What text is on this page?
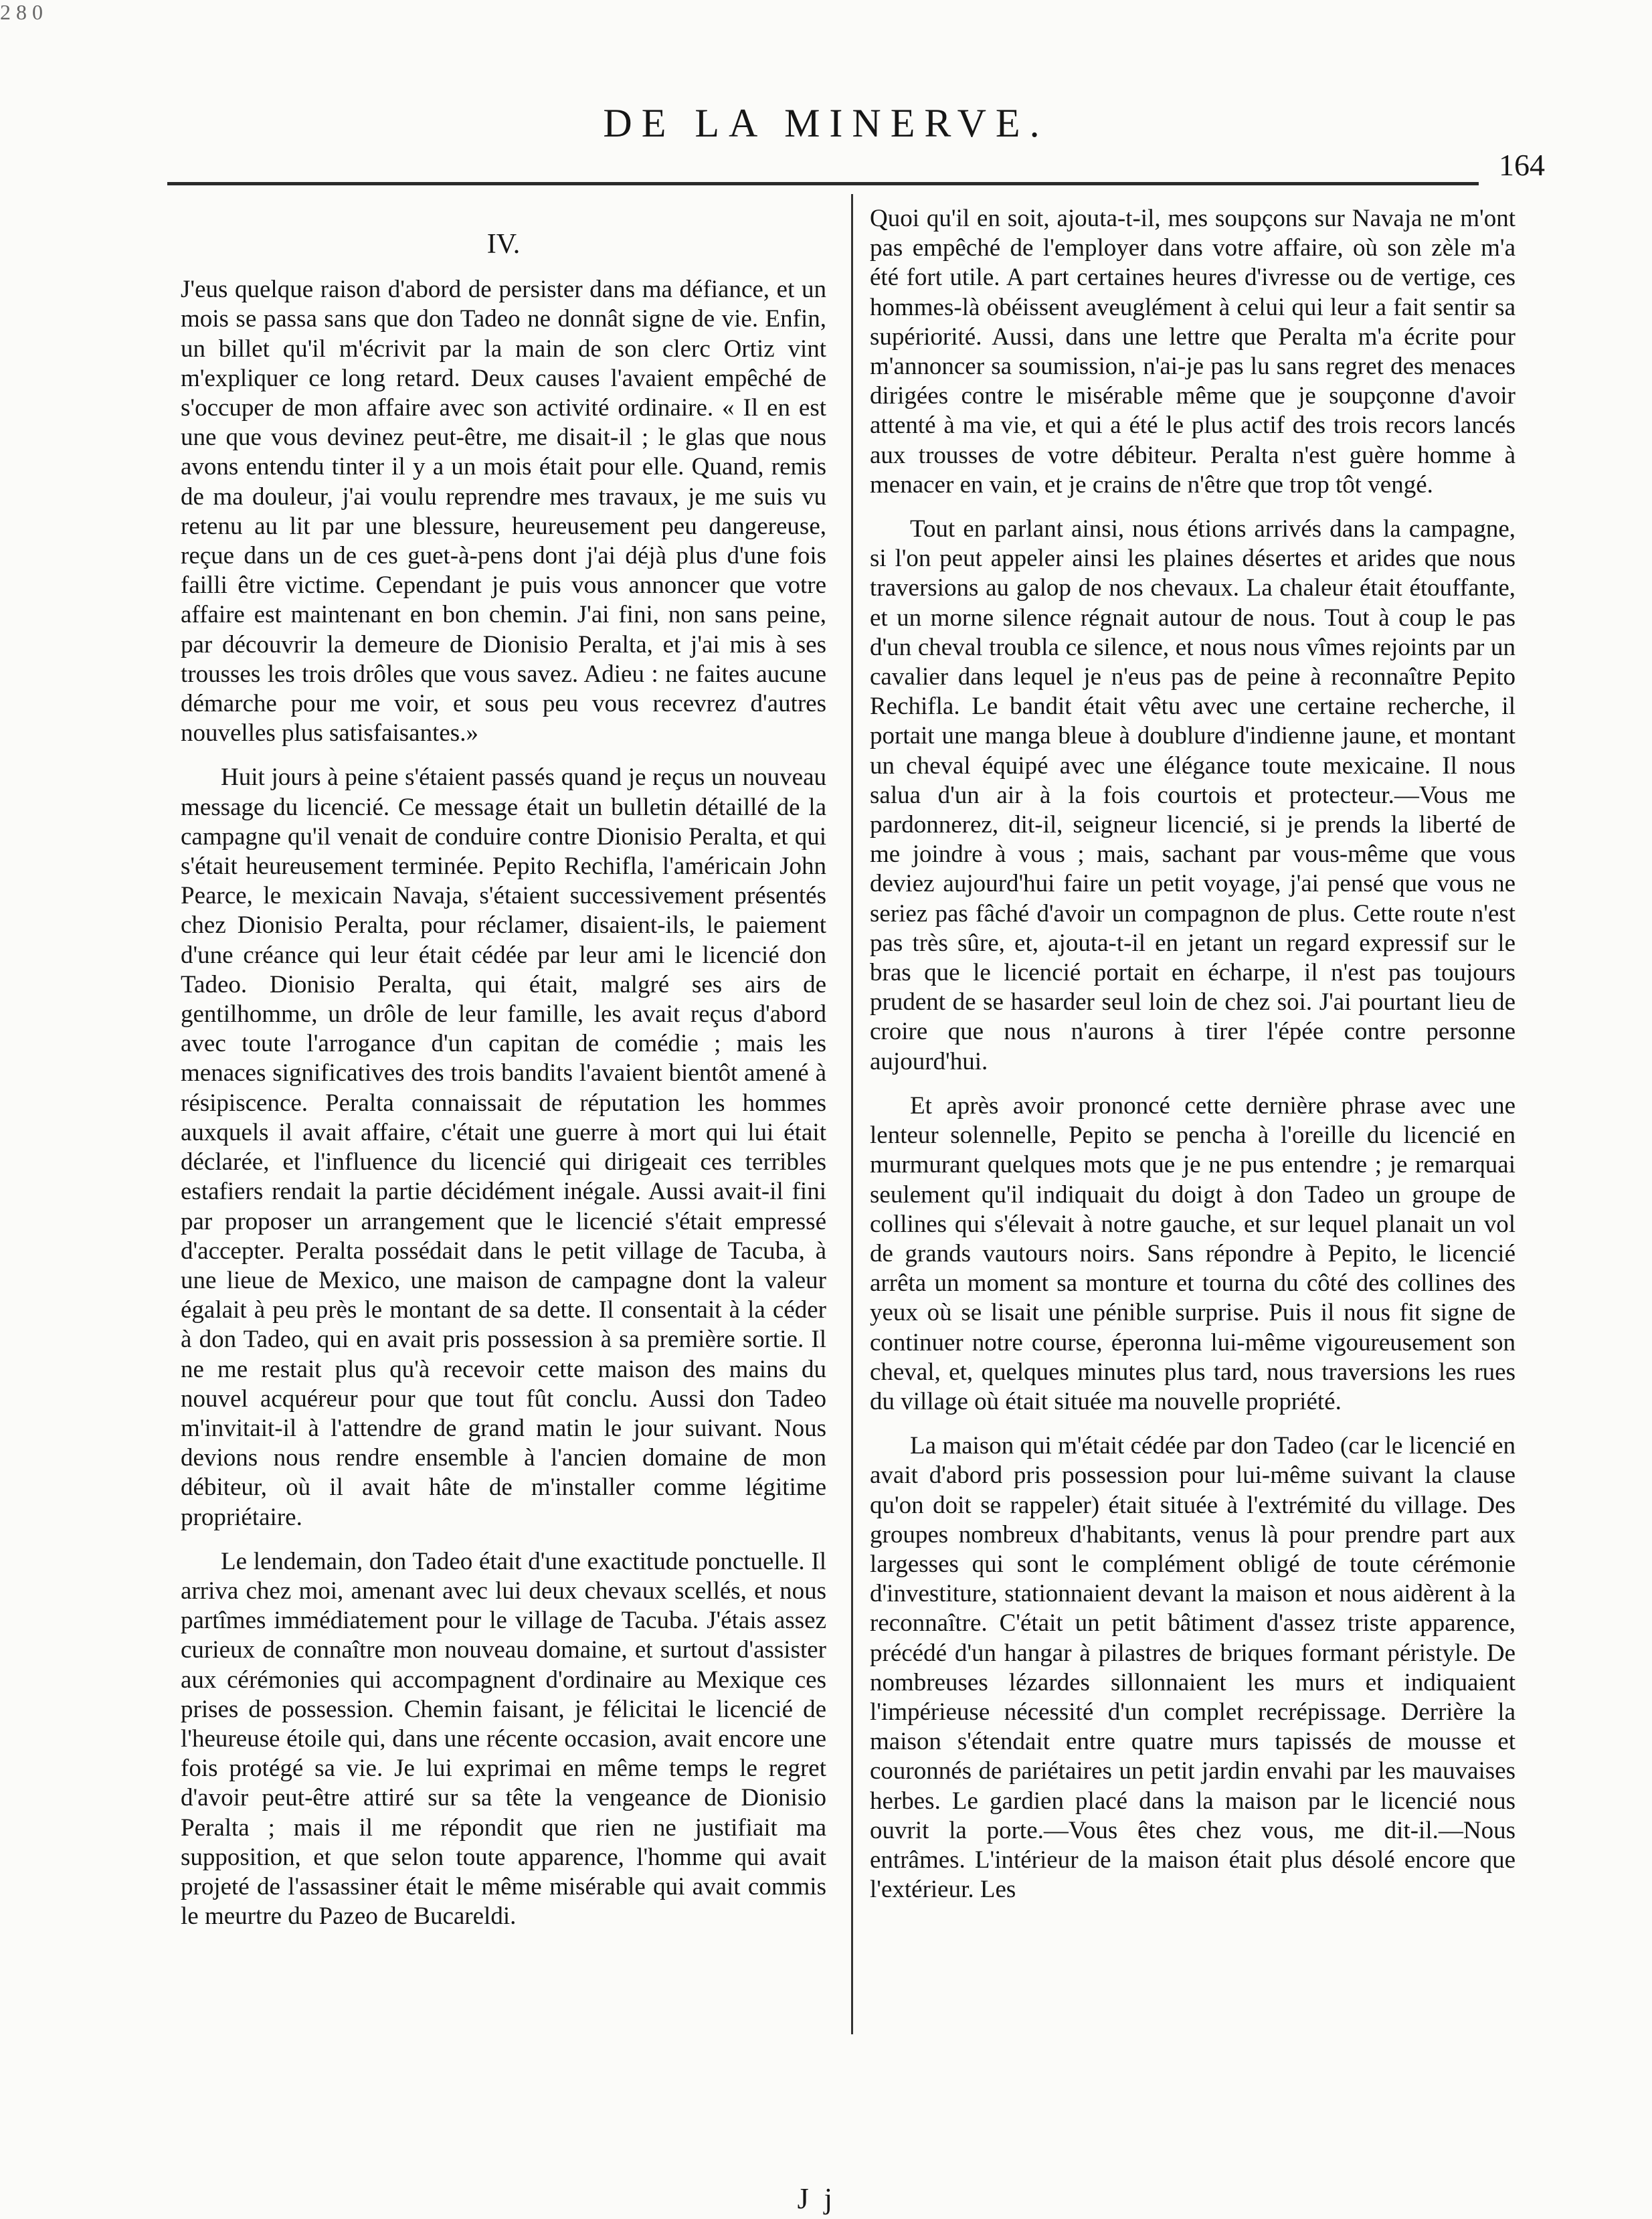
2 8 0
DE LA MINERVE.
164
IV.

J'eus quelque raison d'abord de persister dans ma défiance, et un mois se passa sans que don Tadeo ne donnât signe de vie. Enfin, un billet qu'il m'écrivit par la main de son clerc Ortiz vint m'expliquer ce long retard. Deux causes l'avaient empêché de s'occuper de mon affaire avec son activité ordinaire. « Il en est une que vous devinez peut-être, me disait-il ; le glas que nous avons entendu tinter il y a un mois était pour elle. Quand, remis de ma douleur, j'ai voulu reprendre mes travaux, je me suis vu retenu au lit par une blessure, heureusement peu dangereuse, reçue dans un de ces guet-à-pens dont j'ai déjà plus d'une fois failli être victime. Cependant je puis vous annoncer que votre affaire est maintenant en bon chemin. J'ai fini, non sans peine, par découvrir la demeure de Dionisio Peralta, et j'ai mis à ses trousses les trois drôles que vous savez. Adieu : ne faites aucune démarche pour me voir, et sous peu vous recevrez d'autres nouvelles plus satisfaisantes.»

Huit jours à peine s'étaient passés quand je reçus un nouveau message du licencié. Ce message était un bulletin détaillé de la campagne qu'il venait de conduire contre Dionisio Peralta, et qui s'était heureusement terminée. Pepito Rechifla, l'américain John Pearce, le mexicain Navaja, s'étaient successivement présentés chez Dionisio Peralta, pour réclamer, disaient-ils, le paiement d'une créance qui leur était cédée par leur ami le licencié don Tadeo. Dionisio Peralta, qui était, malgré ses airs de gentilhomme, un drôle de leur famille, les avait reçus d'abord avec toute l'arrogance d'un capitan de comédie ; mais les menaces significatives des trois bandits l'avaient bientôt amené à résipiscence. Peralta connaissait de réputation les hommes auxquels il avait affaire, c'était une guerre à mort qui lui était déclarée, et l'influence du licencié qui dirigeait ces terribles estafiers rendait la partie décidément inégale. Aussi avait-il fini par proposer un arrangement que le licencié s'était empressé d'accepter. Peralta possédait dans le petit village de Tacuba, à une lieue de Mexico, une maison de campagne dont la valeur égalait à peu près le montant de sa dette. Il consentait à la céder à don Tadeo, qui en avait pris possession à sa première sortie. Il ne me restait plus qu'à recevoir cette maison des mains du nouvel acquéreur pour que tout fût conclu. Aussi don Tadeo m'invitait-il à l'attendre de grand matin le jour suivant. Nous devions nous rendre ensemble à l'ancien domaine de mon débiteur, où il avait hâte de m'installer comme légitime propriétaire.

Le lendemain, don Tadeo était d'une exactitude ponctuelle. Il arriva chez moi, amenant avec lui deux chevaux scellés, et nous partîmes immédiatement pour le village de Tacuba. J'étais assez curieux de connaître mon nouveau domaine, et surtout d'assister aux cérémonies qui accompagnent d'ordinaire au Mexique ces prises de possession. Chemin faisant, je félicitai le licencié de l'heureuse étoile qui, dans une récente occasion, avait encore une fois protégé sa vie. Je lui exprimai en même temps le regret d'avoir peut-être attiré sur sa tête la vengeance de Dionisio Peralta ; mais il me répondit que rien ne justifiait ma supposition, et que selon toute apparence, l'homme qui avait projeté de l'assassiner était le même misérable qui avait commis le meurtre du Pazeo de Bucareldi.

Quoi qu'il en soit, ajouta-t-il, mes soupçons sur Navaja ne m'ont pas empêché de l'employer dans votre affaire, où son zèle m'a été fort utile. A part certaines heures d'ivresse ou de vertige, ces hommes-là obéissent aveuglément à celui qui leur a fait sentir sa supériorité. Aussi, dans une lettre que Peralta m'a écrite pour m'annoncer sa soumission, n'ai-je pas lu sans regret des menaces dirigées contre le misérable même que je soupçonne d'avoir attenté à ma vie, et qui a été le plus actif des trois recors lancés aux trousses de votre débiteur. Peralta n'est guère homme à menacer en vain, et je crains de n'être que trop tôt vengé.

Tout en parlant ainsi, nous étions arrivés dans la campagne, si l'on peut appeler ainsi les plaines désertes et arides que nous traversions au galop de nos chevaux. La chaleur était étouffante, et un morne silence régnait autour de nous. Tout à coup le pas d'un cheval troubla ce silence, et nous nous vîmes rejoints par un cavalier dans lequel je n'eus pas de peine à reconnaître Pepito Rechifla. Le bandit était vêtu avec une certaine recherche, il portait une manga bleue à doublure d'indienne jaune, et montant un cheval équipé avec une élégance toute mexicaine. Il nous salua d'un air à la fois courtois et protecteur.—Vous me pardonnerez, dit-il, seigneur licencié, si je prends la liberté de me joindre à vous ; mais, sachant par vous-même que vous deviez aujourd'hui faire un petit voyage, j'ai pensé que vous ne seriez pas fâché d'avoir un compagnon de plus. Cette route n'est pas très sûre, et, ajouta-t-il en jetant un regard expressif sur le bras que le licencié portait en écharpe, il n'est pas toujours prudent de se hasarder seul loin de chez soi. J'ai pourtant lieu de croire que nous n'aurons à tirer l'épée contre personne aujourd'hui.

Et après avoir prononcé cette dernière phrase avec une lenteur solennelle, Pepito se pencha à l'oreille du licencié en murmurant quelques mots que je ne pus entendre ; je remarquai seulement qu'il indiquait du doigt à don Tadeo un groupe de collines qui s'élevait à notre gauche, et sur lequel planait un vol de grands vautours noirs. Sans répondre à Pepito, le licencié arrêta un moment sa monture et tourna du côté des collines des yeux où se lisait une pénible surprise. Puis il nous fit signe de continuer notre course, éperonna lui-même vigoureusement son cheval, et, quelques minutes plus tard, nous traversions les rues du village où était située ma nouvelle propriété.

La maison qui m'était cédée par don Tadeo (car le licencié en avait d'abord pris possession pour lui-même suivant la clause qu'on doit se rappeler) était située à l'extrémité du village. Des groupes nombreux d'habitants, venus là pour prendre part aux largesses qui sont le complément obligé de toute cérémonie d'investiture, stationnaient devant la maison et nous aidèrent à la reconnaître. C'était un petit bâtiment d'assez triste apparence, précédé d'un hangar à pilastres de briques formant péristyle. De nombreuses lézardes sillonnaient les murs et indiquaient l'impérieuse nécessité d'un complet recrépissage. Derrière la maison s'étendait entre quatre murs tapissés de mousse et couronnés de pariétaires un petit jardin envahi par les mauvaises herbes. Le gardien placé dans la maison par le licencié nous ouvrit la porte.—Vous êtes chez vous, me dit-il.—Nous entrâmes. L'intérieur de la maison était plus désolé encore que l'extérieur. Les

J j
